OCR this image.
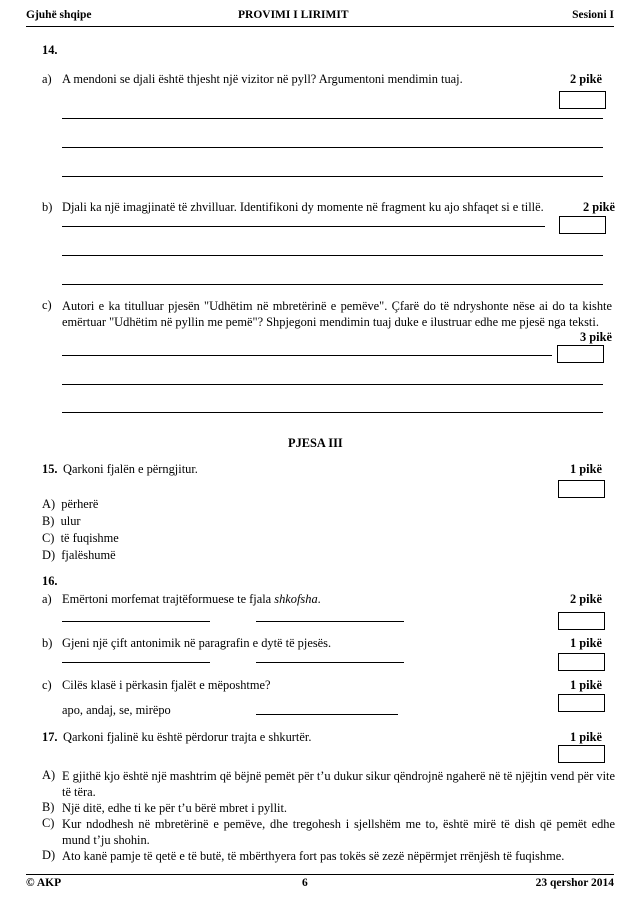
Gjuhë shqipe	PROVIMI I LIRIMIT	Sesioni I
14.
a) A mendoni se djali është thjesht një vizitor në pyll? Argumentoni mendimin tuaj.	2 pikë
b) Djali ka një imagjinatë të zhvilluar. Identifikoni dy momente në fragment ku ajo shfaqet si e tillë.	2 pikë
c) Autori e ka titulluar pjesën "Udhëtim në mbretërinë e pemëve". Çfarë do të ndryshonte nëse ai do ta kishte emërtuar "Udhëtim në pyllin me pemë"? Shpjegoni mendimin tuaj duke e ilustruar edhe me pjesë nga teksti.
3 pikë
PJESA III
15. Qarkoni fjalën e përngjitur.	1 pikë
A) përherë
B) ulur
C) të fuqishme
D) fjalëshumë
16.
a) Emërtoni morfemat trajtëformuese te fjala shkofsha.	2 pikë
b) Gjeni një çift antonimik në paragrafin e dytë të pjesës.	1 pikë
c) Cilës klasë i përkasin fjalët e mëposhtme?	1 pikë
apo, andaj, se, mirëpo
17. Qarkoni fjalinë ku është përdorur trajta e shkurtër.	1 pikë
A) E gjithë kjo është një mashtrim që bëjnë pemët për t’u dukur sikur qëndrojnë ngaherë në të njëjtin vend për vite të tëra.
B) Një ditë, edhe ti ke për t’u bërë mbret i pyllit.
C) Kur ndodhesh në mbretërinë e pemëve, dhe tregohesh i sjellshëm me to, është mirë të dish që pemët edhe mund t’ju shohin.
D) Ato kanë pamje të qetë e të butë, të mbërthyera fort pas tokës së zezë nëpërmjet rrënjësh të fuqishme.
© AKP	6	23 qershor 2014
